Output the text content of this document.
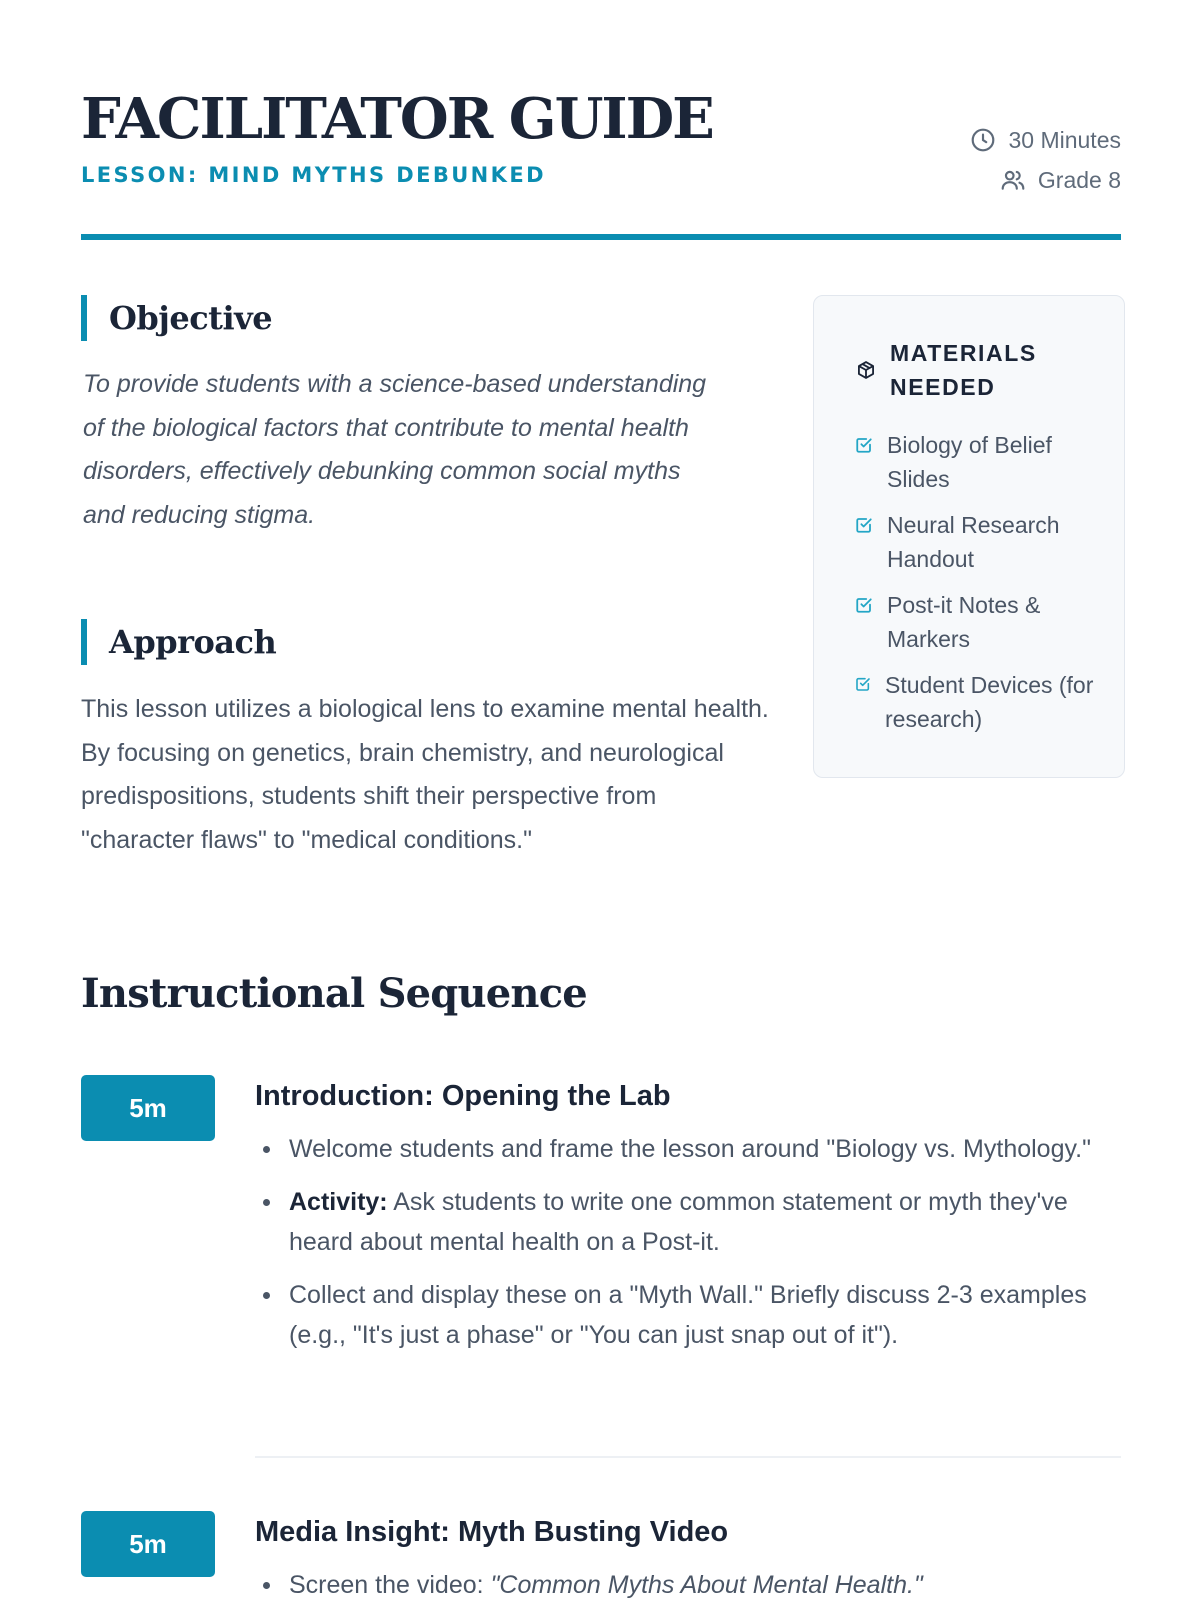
FACILITATOR GUIDE
LESSON: MIND MYTHS DEBUNKED
30 Minutes
Grade 8
Objective

To provide students with a science-based understanding of the biological factors that contribute to mental health disorders, effectively debunking common social myths and reducing stigma.

Approach

This lesson utilizes a biological lens to examine mental health. By focusing on genetics, brain chemistry, and neurological predispositions, students shift their perspective from "character flaws" to "medical conditions."

MATERIALS NEEDED
Biology of Belief Slides
Neural Research Handout
Post-it Notes & Markers
Student Devices (for research)
Instructional Sequence
5m	Introduction: Opening the Lab
Welcome students and frame the lesson around "Biology vs. Mythology."
Activity: Ask students to write one common statement or myth they've heard about mental health on a Post-it.
Collect and display these on a "Myth Wall." Briefly discuss 2-3 examples (e.g., "It's just a phase" or "You can just snap out of it").
5m	Media Insight: Myth Busting Video
Screen the video: "Common Myths About Mental Health."
